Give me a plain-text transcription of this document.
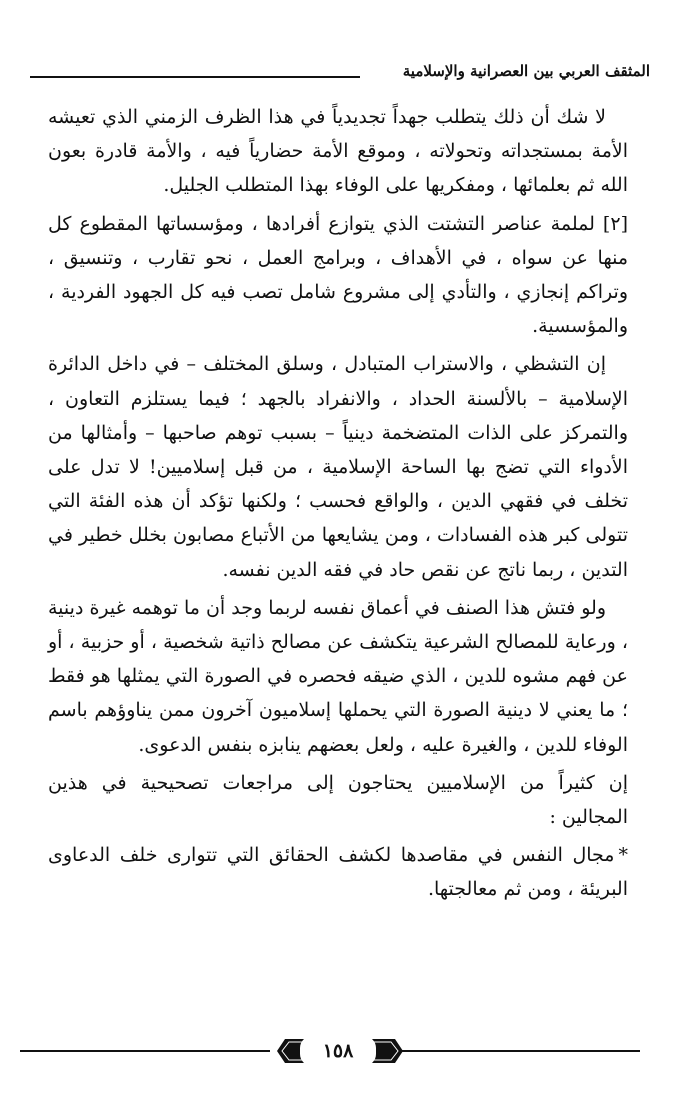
المثقف العربي بين العصرانية والإسلامية

لا شك أن ذلك يتطلب جهداً تجديدياً في هذا الظرف الزمني الذي تعيشه الأمة بمستجداته وتحولاته ، وموقع الأمة حضارياً فيه ، والأمة قادرة بعون الله ثم بعلمائها ، ومفكريها على الوفاء بهذا المتطلب الجليل.

[٢] لملمة عناصر التشتت الذي يتوازع أفرادها ، ومؤسساتها المقطوع كل منها عن سواه ، في الأهداف ، وبرامج العمل ، نحو تقارب ، وتنسيق ، وتراكم إنجازي ، والتأدي إلى مشروع شامل تصب فيه كل الجهود الفردية ، والمؤسسية.

إن التشظي ، والاستراب المتبادل ، وسلق المختلف – في داخل الدائرة الإسلامية – بالألسنة الحداد ، والانفراد بالجهد ؛ فيما يستلزم التعاون ، والتمركز على الذات المتضخمة دينياً – بسبب توهم صاحبها – وأمثالها من الأدواء التي تضج بها الساحة الإسلامية ، من قبل إسلاميين! لا تدل على تخلف في فقهي الدين ، والواقع فحسب ؛ ولكنها تؤكد أن هذه الفئة التي تتولى كبر هذه الفسادات ، ومن يشايعها من الأتباع مصابون بخلل خطير في التدين ، ربما ناتج عن نقص حاد في فقه الدين نفسه.

ولو فتش هذا الصنف في أعماق نفسه لربما وجد أن ما توهمه غيرة دينية ، ورعاية للمصالح الشرعية يتكشف عن مصالح ذاتية شخصية ، أو حزبية ، أو عن فهم مشوه للدين ، الذي ضيقه فحصره في الصورة التي يمثلها هو فقط ؛ ما يعني لا دينية الصورة التي يحملها إسلاميون آخرون ممن يناوؤهم باسم الوفاء للدين ، والغيرة عليه ، ولعل بعضهم ينابزه بنفس الدعوى.

إن كثيراً من الإسلاميين يحتاجون إلى مراجعات تصحيحية في هذين المجالين :

*مجال النفس في مقاصدها لكشف الحقائق التي تتوارى خلف الدعاوى البريئة ، ومن ثم معالجتها.

١٥٨
